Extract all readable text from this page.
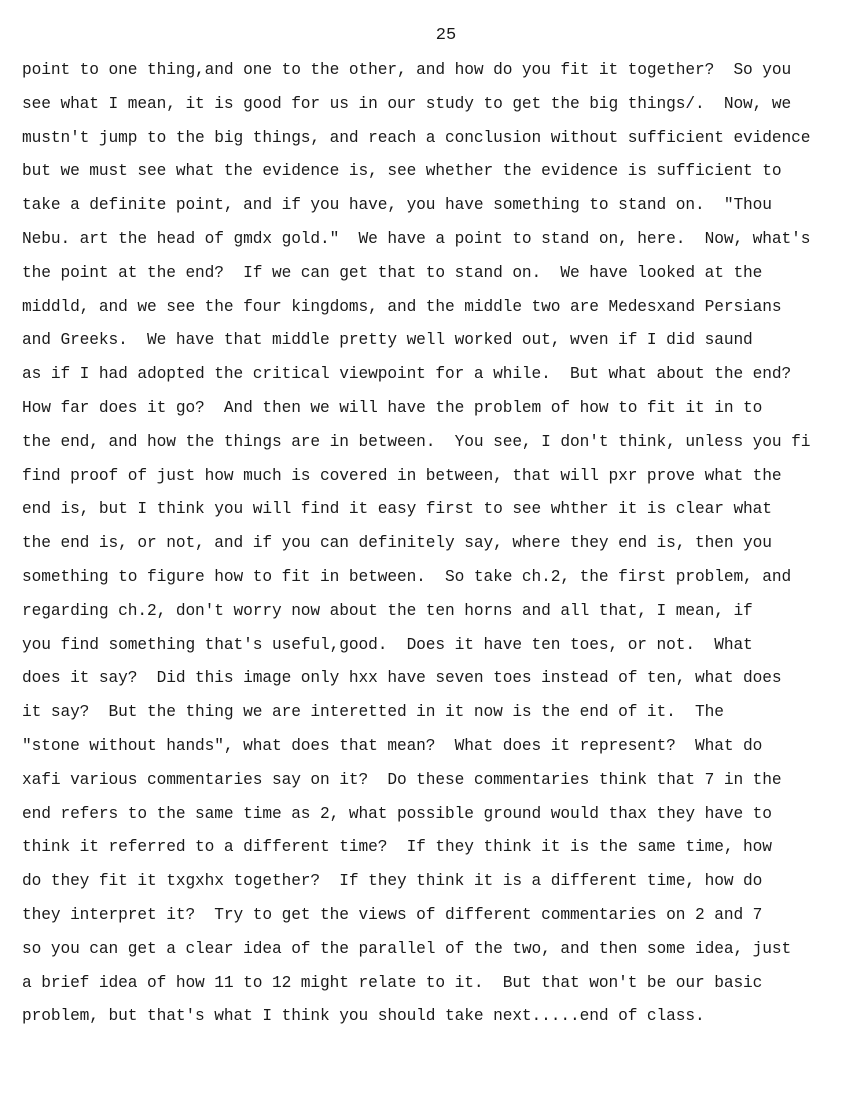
25
point to one thing,and one to the other, and how do you fit it together?  So you
see what I mean, it is good for us in our study to get the big things/.  Now, we
mustn't jump to the big things, and reach a conclusion without sufficient evidence
but we must see what the evidence is, see whether the evidence is sufficient to
take a definite point, and if you have, you have something to stand on.  "Thou
Nebu. art the head of gmdx gold."  We have a point to stand on, here.  Now, what's
the point at the end?  If we can get that to stand on.  We have looked at the
middld, and we see the four kingdoms, and the middle two are Medesxand Persians
and Greeks.  We have that middle pretty well worked out, wven if I did saund
as if I had adopted the critical viewpoint for a while.  But what about the end?
How far does it go?  And then we will have the problem of how to fit it in to
the end, and how the things are in between.  You see, I don't think, unless you fi
find proof of just how much is covered in between, that will pxr prove what the
end is, but I think you will find it easy first to see whther it is clear what
the end is, or not, and if you can definitely say, where they end is, then you
something to figure how to fit in between.  So take ch.2, the first problem, and
regarding ch.2, don't worry now about the ten horns and all that, I mean, if
you find something that's useful,good.  Does it have ten toes, or not.  What
does it say?  Did this image only hxx have seven toes instead of ten, what does
it say?  But the thing we are interetted in it now is the end of it.  The
"stone without hands", what does that mean?  What does it represent?  What do
xafi various commentaries say on it?  Do these commentaries think that 7 in the
end refers to the same time as 2, what possible ground would thax they have to
think it referred to a different time?  If they think it is the same time, how
do they fit it txgxhx together?  If they think it is a different time, how do
they interpret it?  Try to get the views of different commentaries on 2 and 7
so you can get a clear idea of the parallel of the two, and then some idea, just
a brief idea of how 11 to 12 might relate to it.  But that won't be our basic
problem, but that's what I think you should take next.....end of class.
